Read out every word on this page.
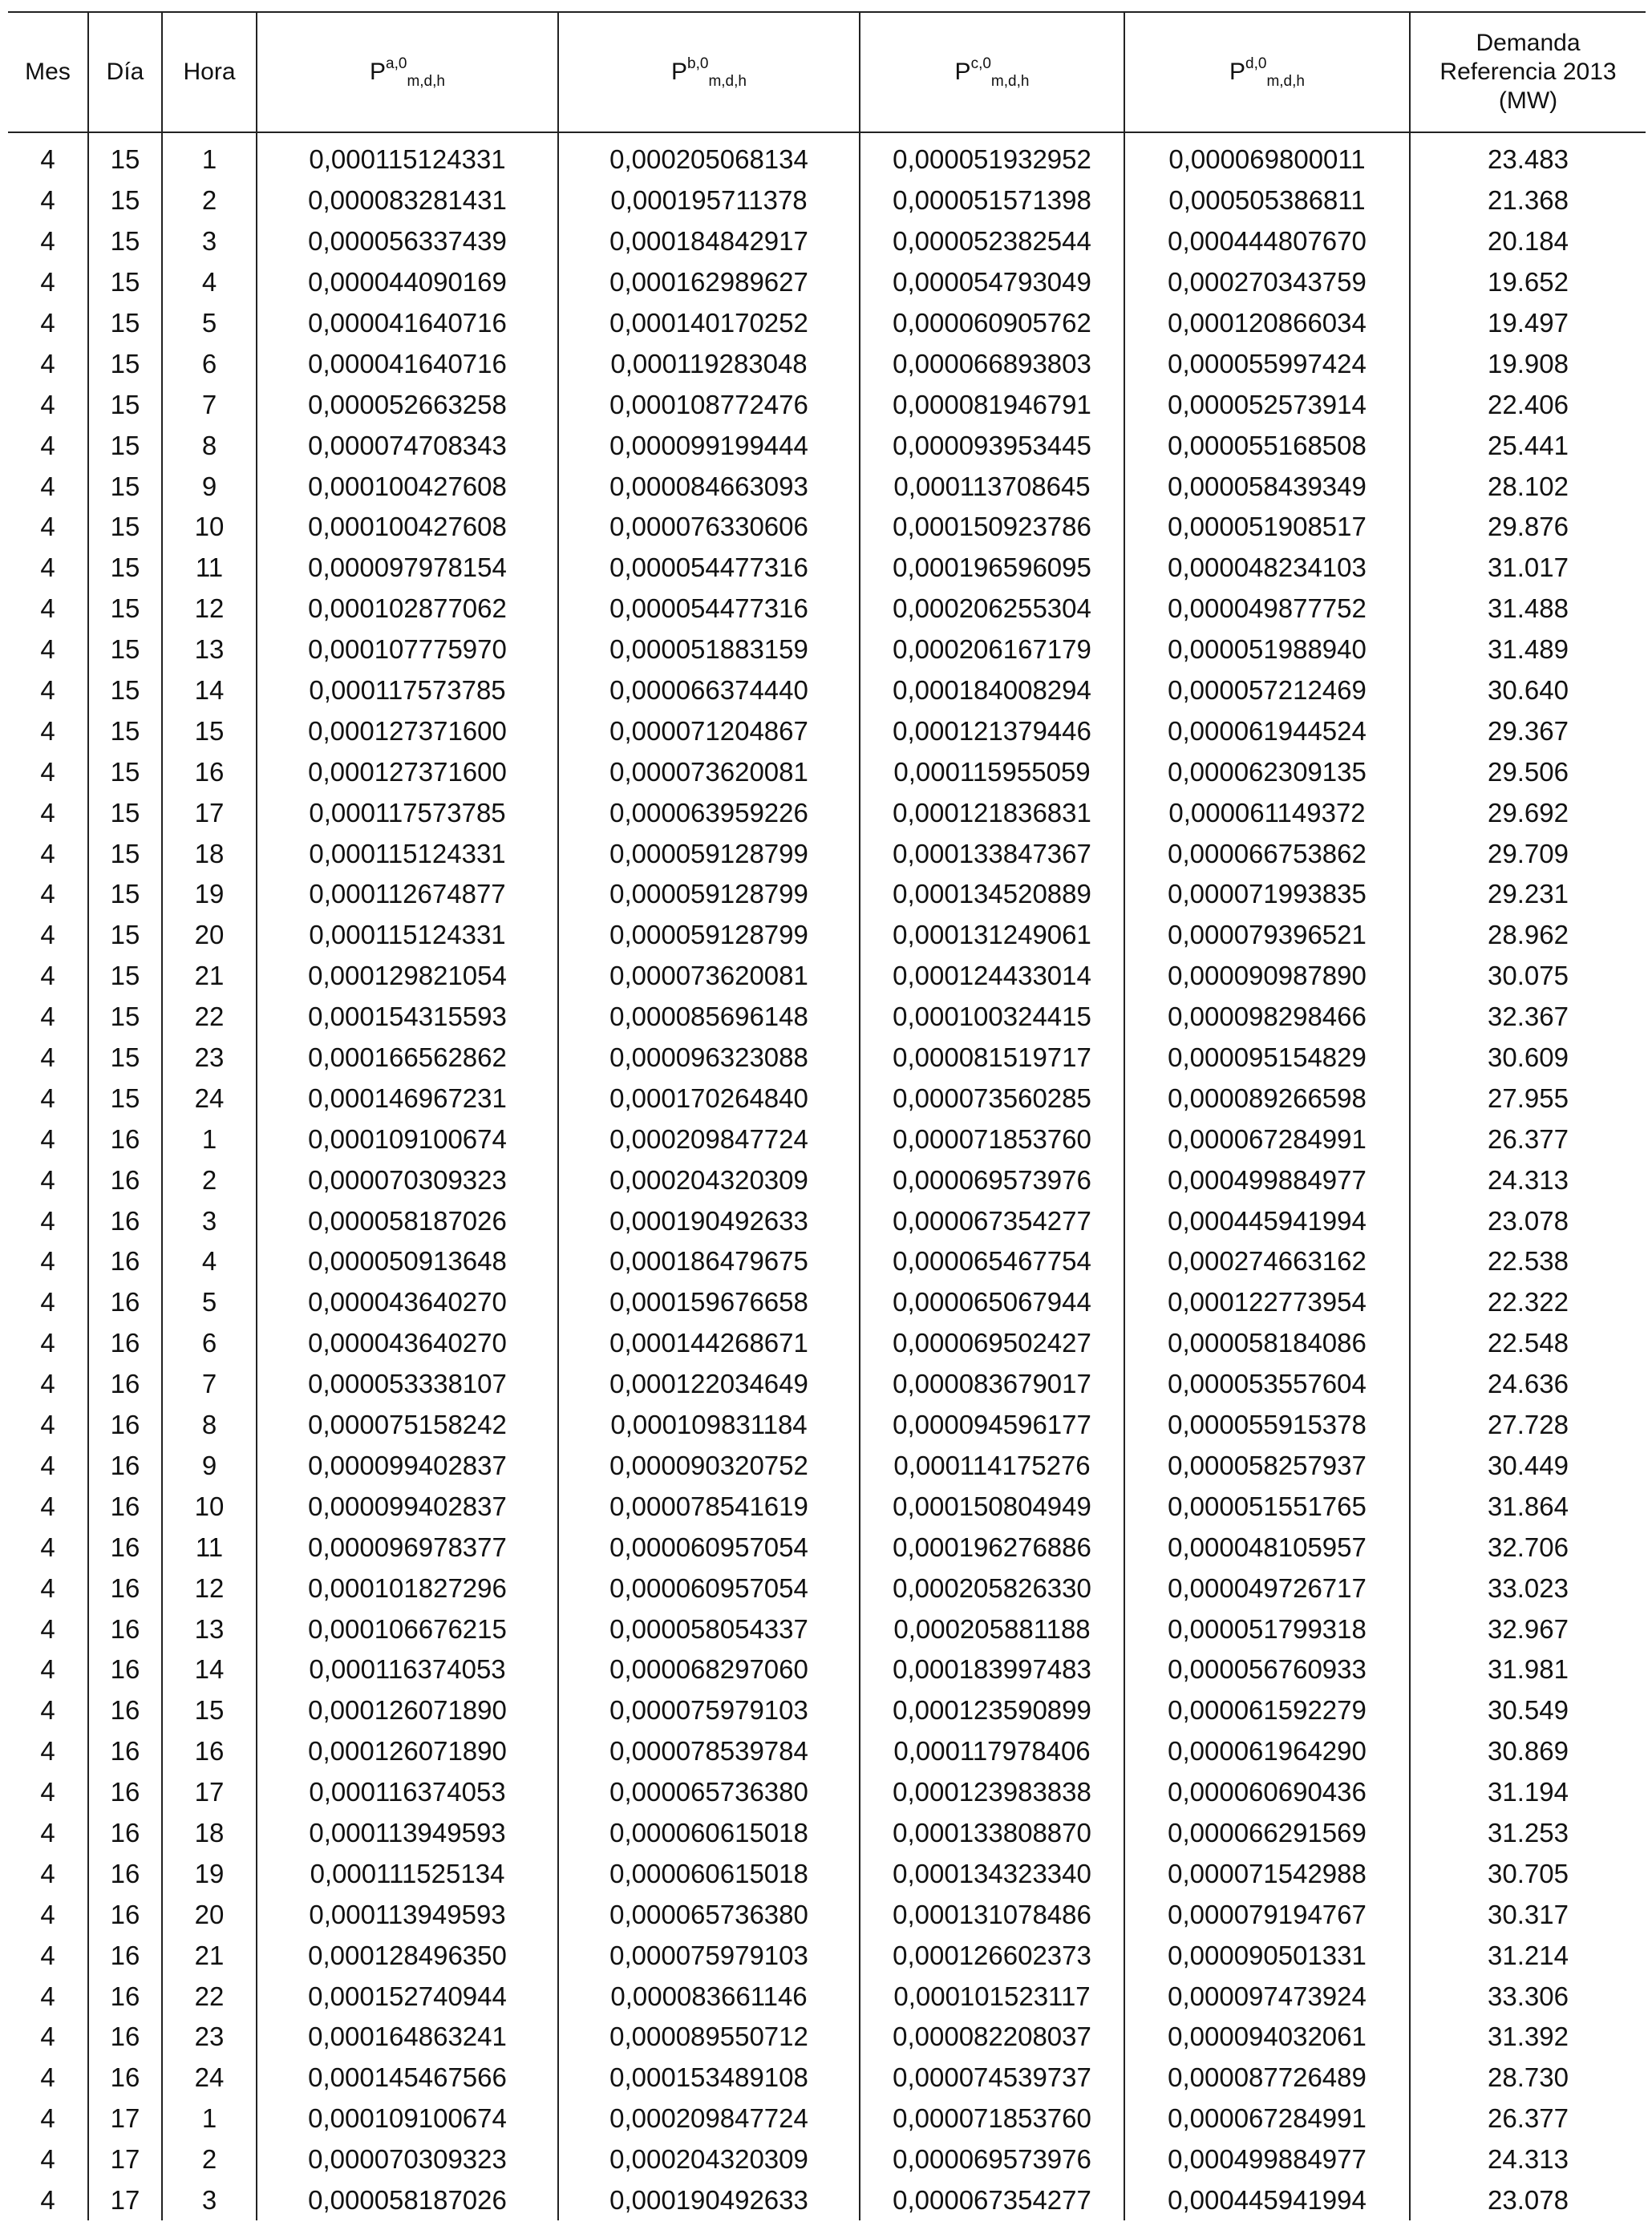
Mes	Día	Hora	P$^{a,0}_{m,d,h}$	P$^{b,0}_{m,d,h}$	P$^{c,0}_{m,d,h}$	P$^{d,0}_{m,d,h}$	Demanda
Referencia 2013
(MW)

4	15	1	0,000115124331	0,000205068134	0,000051932952	0,000069800011	23.483
4	15	2	0,000083281431	0,000195711378	0,000051571398	0,000505386811	21.368
4	15	3	0,000056337439	0,000184842917	0,000052382544	0,000444807670	20.184
4	15	4	0,000044090169	0,000162989627	0,000054793049	0,000270343759	19.652
4	15	5	0,000041640716	0,000140170252	0,000060905762	0,000120866034	19.497
4	15	6	0,000041640716	0,000119283048	0,000066893803	0,000055997424	19.908
4	15	7	0,000052663258	0,000108772476	0,000081946791	0,000052573914	22.406
4	15	8	0,000074708343	0,000099199444	0,000093953445	0,000055168508	25.441
4	15	9	0,000100427608	0,000084663093	0,000113708645	0,000058439349	28.102
4	15	10	0,000100427608	0,000076330606	0,000150923786	0,000051908517	29.876
4	15	11	0,000097978154	0,000054477316	0,000196596095	0,000048234103	31.017
4	15	12	0,000102877062	0,000054477316	0,000206255304	0,000049877752	31.488
4	15	13	0,000107775970	0,000051883159	0,000206167179	0,000051988940	31.489
4	15	14	0,000117573785	0,000066374440	0,000184008294	0,000057212469	30.640
4	15	15	0,000127371600	0,000071204867	0,000121379446	0,000061944524	29.367
4	15	16	0,000127371600	0,000073620081	0,000115955059	0,000062309135	29.506
4	15	17	0,000117573785	0,000063959226	0,000121836831	0,000061149372	29.692
4	15	18	0,000115124331	0,000059128799	0,000133847367	0,000066753862	29.709
4	15	19	0,000112674877	0,000059128799	0,000134520889	0,000071993835	29.231
4	15	20	0,000115124331	0,000059128799	0,000131249061	0,000079396521	28.962
4	15	21	0,000129821054	0,000073620081	0,000124433014	0,000090987890	30.075
4	15	22	0,000154315593	0,000085696148	0,000100324415	0,000098298466	32.367
4	15	23	0,000166562862	0,000096323088	0,000081519717	0,000095154829	30.609
4	15	24	0,000146967231	0,000170264840	0,000073560285	0,000089266598	27.955
4	16	1	0,000109100674	0,000209847724	0,000071853760	0,000067284991	26.377
4	16	2	0,000070309323	0,000204320309	0,000069573976	0,000499884977	24.313
4	16	3	0,000058187026	0,000190492633	0,000067354277	0,000445941994	23.078
4	16	4	0,000050913648	0,000186479675	0,000065467754	0,000274663162	22.538
4	16	5	0,000043640270	0,000159676658	0,000065067944	0,000122773954	22.322
4	16	6	0,000043640270	0,000144268671	0,000069502427	0,000058184086	22.548
4	16	7	0,000053338107	0,000122034649	0,000083679017	0,000053557604	24.636
4	16	8	0,000075158242	0,000109831184	0,000094596177	0,000055915378	27.728
4	16	9	0,000099402837	0,000090320752	0,000114175276	0,000058257937	30.449
4	16	10	0,000099402837	0,000078541619	0,000150804949	0,000051551765	31.864
4	16	11	0,000096978377	0,000060957054	0,000196276886	0,000048105957	32.706
4	16	12	0,000101827296	0,000060957054	0,000205826330	0,000049726717	33.023
4	16	13	0,000106676215	0,000058054337	0,000205881188	0,000051799318	32.967
4	16	14	0,000116374053	0,000068297060	0,000183997483	0,000056760933	31.981
4	16	15	0,000126071890	0,000075979103	0,000123590899	0,000061592279	30.549
4	16	16	0,000126071890	0,000078539784	0,000117978406	0,000061964290	30.869
4	16	17	0,000116374053	0,000065736380	0,000123983838	0,000060690436	31.194
4	16	18	0,000113949593	0,000060615018	0,000133808870	0,000066291569	31.253
4	16	19	0,000111525134	0,000060615018	0,000134323340	0,000071542988	30.705
4	16	20	0,000113949593	0,000065736380	0,000131078486	0,000079194767	30.317
4	16	21	0,000128496350	0,000075979103	0,000126602373	0,000090501331	31.214
4	16	22	0,000152740944	0,000083661146	0,000101523117	0,000097473924	33.306
4	16	23	0,000164863241	0,000089550712	0,000082208037	0,000094032061	31.392
4	16	24	0,000145467566	0,000153489108	0,000074539737	0,000087726489	28.730
4	17	1	0,000109100674	0,000209847724	0,000071853760	0,000067284991	26.377
4	17	2	0,000070309323	0,000204320309	0,000069573976	0,000499884977	24.313
4	17	3	0,000058187026	0,000190492633	0,000067354277	0,000445941994	23.078
